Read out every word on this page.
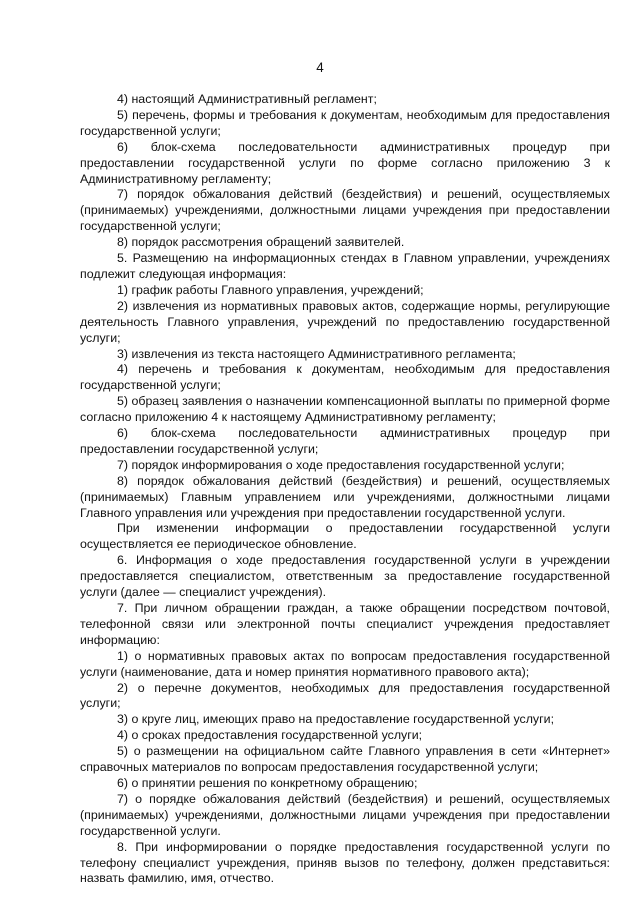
4

4) настоящий Административный регламент;

5) перечень, формы и требования к документам, необходимым для предоставления государственной услуги;

6) блок-схема последовательности административных процедур при предоставлении государственной услуги по форме согласно приложению 3 к Административному регламенту;

7) порядок обжалования действий (бездействия) и решений, осуществляемых (принимаемых) учреждениями, должностными лицами учреждения при предоставлении государственной услуги;

8) порядок рассмотрения обращений заявителей.

5. Размещению на информационных стендах в Главном управлении, учреждениях подлежит следующая информация:

1) график работы Главного управления, учреждений;

2) извлечения из нормативных правовых актов, содержащие нормы, регулирующие деятельность Главного управления, учреждений по предоставлению государственной услуги;

3) извлечения из текста настоящего Административного регламента;

4) перечень и требования к документам, необходимым для предоставления государственной услуги;

5) образец заявления о назначении компенсационной выплаты по примерной форме согласно приложению 4 к настоящему Административному регламенту;

6) блок-схема последовательности административных процедур при предоставлении государственной услуги;

7) порядок информирования о ходе предоставления государственной услуги;

8) порядок обжалования действий (бездействия) и решений, осуществляемых (принимаемых) Главным управлением или учреждениями, должностными лицами Главного управления или учреждения при предоставлении государственной услуги.

При изменении информации о предоставлении государственной услуги осуществляется ее периодическое обновление.

6. Информация о ходе предоставления государственной услуги в учреждении предоставляется специалистом, ответственным за предоставление государственной услуги (далее — специалист учреждения).

7. При личном обращении граждан, а также обращении посредством почтовой, телефонной связи или электронной почты специалист учреждения предоставляет информацию:

1) о нормативных правовых актах по вопросам предоставления государственной услуги (наименование, дата и номер принятия нормативного правового акта);

2) о перечне документов, необходимых для предоставления государственной услуги;

3) о круге лиц, имеющих право на предоставление государственной услуги;

4) о сроках предоставления государственной услуги;

5) о размещении на официальном сайте Главного управления в сети «Интернет» справочных материалов по вопросам предоставления государственной услуги;

6) о принятии решения по конкретному обращению;

7) о порядке обжалования действий (бездействия) и решений, осуществляемых (принимаемых) учреждениями, должностными лицами учреждения при предоставлении государственной услуги.

8. При информировании о порядке предоставления государственной услуги по телефону специалист учреждения, приняв вызов по телефону, должен представиться: назвать фамилию, имя, отчество.
